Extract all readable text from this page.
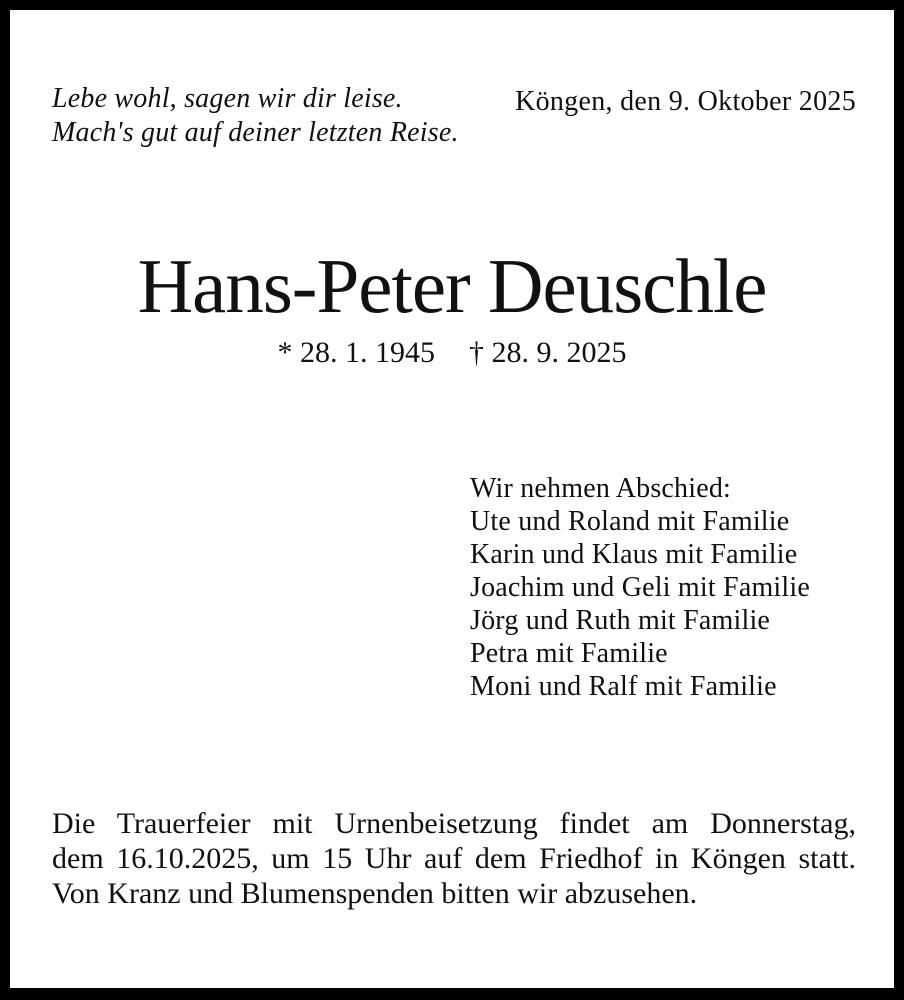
Lebe wohl, sagen wir dir leise.
Mach's gut auf deiner letzten Reise.
Köngen, den 9. Oktober 2025
Hans-Peter Deuschle
* 28. 1. 1945 † 28. 9. 2025
Wir nehmen Abschied:
Ute und Roland mit Familie
Karin und Klaus mit Familie
Joachim und Geli mit Familie
Jörg und Ruth mit Familie
Petra mit Familie
Moni und Ralf mit Familie
Die Trauerfeier mit Urnenbeisetzung findet am Donnerstag,
dem 16.10.2025, um 15 Uhr auf dem Friedhof in Köngen statt.
Von Kranz und Blumenspenden bitten wir abzusehen.
